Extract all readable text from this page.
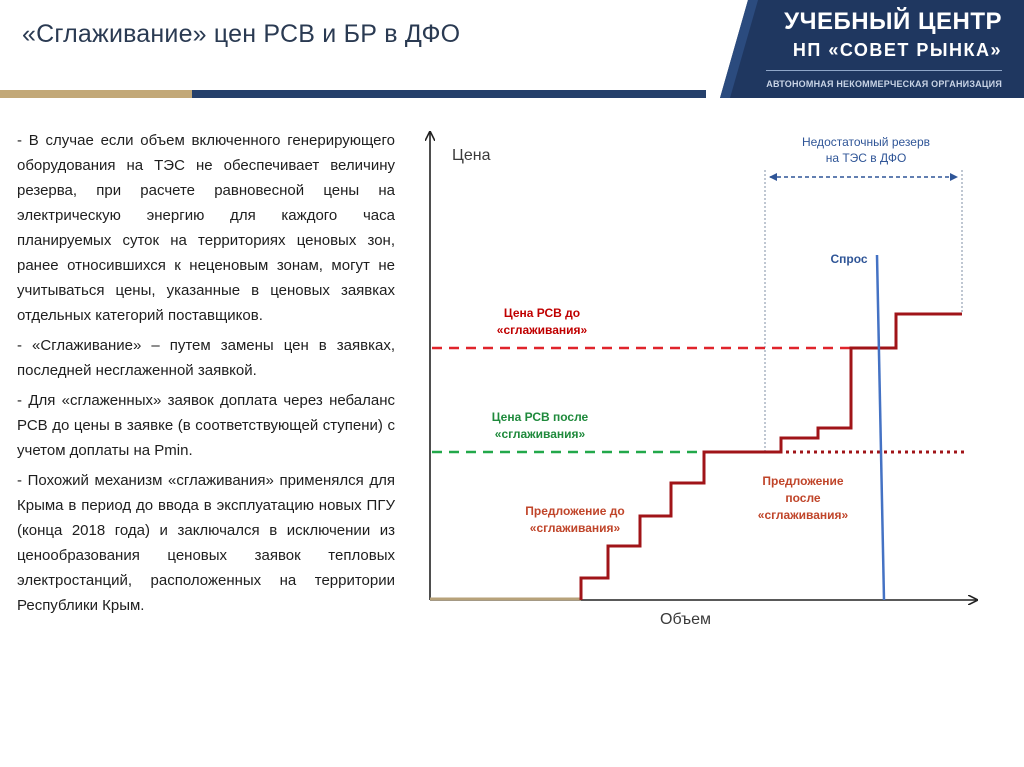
«Сглаживание» цен РСВ и БР в ДФО	УЧЕБНЫЙ ЦЕНТР
НП «СОВЕТ РЫНКА»
АВТОНОМНАЯ НЕКОММЕРЧЕСКАЯ ОРГАНИЗАЦИЯ

- В случае если объем включенного генерирующего оборудования на ТЭС не обеспечивает величину резерва, при расчете равновесной цены на электрическую энергию для каждого часа планируемых суток на территориях ценовых зон, ранее относившихся к неценовым зонам, могут не учитываться цены, указанные в ценовых заявках отдельных категорий поставщиков.

- «Сглаживание» – путем замены цен в заявках, последней несглаженной заявкой.

- Для «сглаженных» заявок доплата через небаланс РСВ до цены в заявке (в соответствующей ступени) с учетом доплаты на Pmin.

- Похожий механизм «сглаживания» применялся для Крыма в период до ввода в эксплуатацию новых ПГУ (конца 2018 года) и заключался в исключении из ценообразования ценовых заявок тепловых электростанций, расположенных на территории Республики Крым.

Цена
Объем
Недостаточный резерв
на ТЭС в ДФО
Спрос
Цена РСВ до
«сглаживания»
Цена РСВ после
«сглаживания»
Предложение до
«сглаживания»
Предложение
после
«сглаживания»
